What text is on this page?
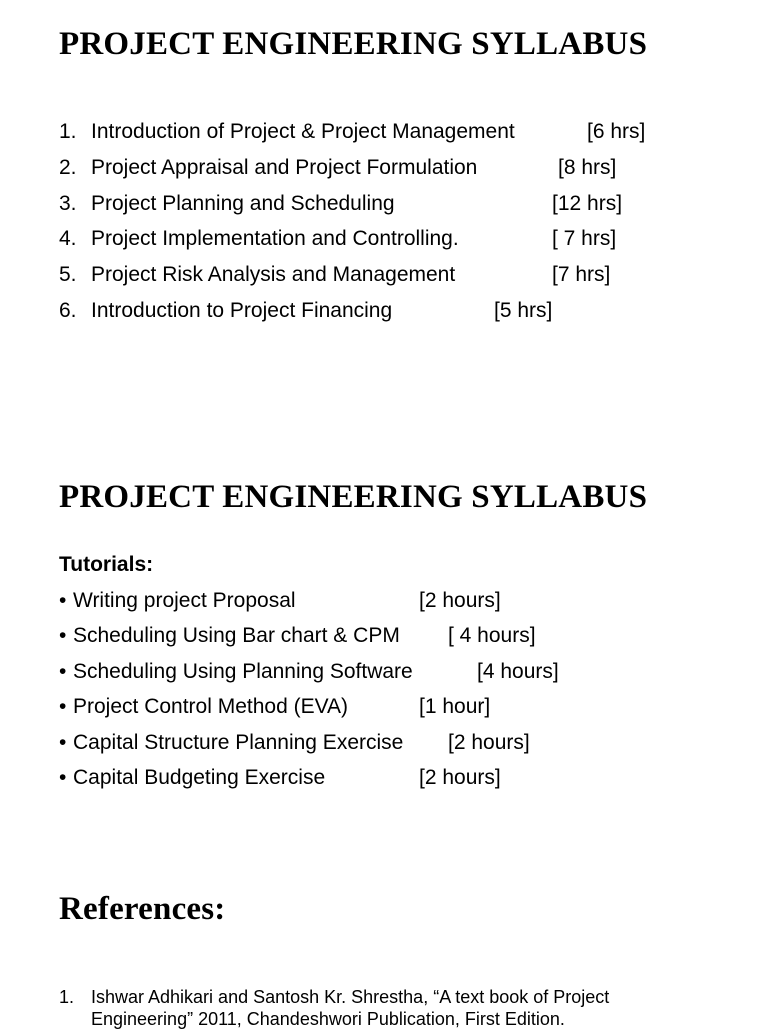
PROJECT ENGINEERING SYLLABUS
1. Introduction of Project & Project Management	[6 hrs]
2. Project Appraisal and Project Formulation	[8 hrs]
3. Project Planning and Scheduling	[12 hrs]
4. Project Implementation and Controlling.	[ 7 hrs]
5. Project Risk Analysis and Management	[7 hrs]
6. Introduction to Project Financing	[5 hrs]
PROJECT ENGINEERING SYLLABUS
Tutorials:
• Writing project Proposal	[2 hours]
• Scheduling Using Bar chart & CPM [ 4 hours]
• Scheduling Using Planning Software	[4 hours]
• Project Control Method (EVA)	[1 hour]
• Capital Structure Planning Exercise [2 hours]
• Capital Budgeting Exercise	[2 hours]
References:
1. Ishwar Adhikari and Santosh Kr. Shrestha, “A text book of Project Engineering” 2011, Chandeshwori Publication, First Edition.
